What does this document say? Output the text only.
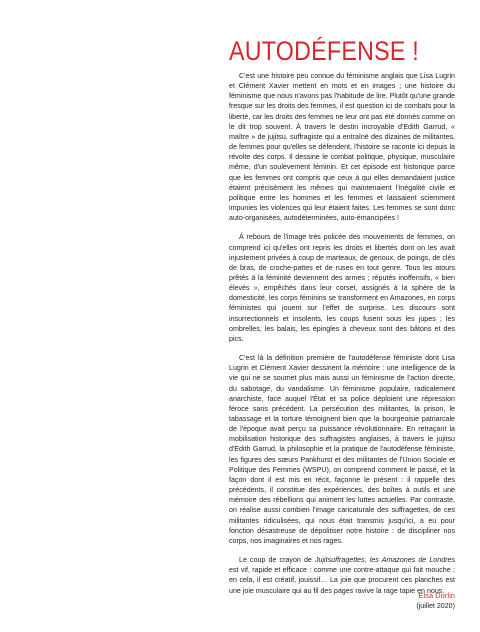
AUTODÉFENSE !

C'est une histoire peu connue du féminisme anglais que Lisa Lugrin et Clément Xavier mettent en mots et en images ; une histoire du féminisme que nous n'avons pas l'habitude de lire. Plutôt qu'une grande fresque sur les droits des femmes, il est question ici de combats pour la liberté, car les droits des femmes ne leur ont pas été donnés comme on le dit trop souvent. À travers le destin incroyable d'Edith Garrud, « maître » de jujitsu, suffragiste qui a entraîné des dizaines de militantes, de femmes pour qu'elles se défendent, l'histoire se raconte ici depuis la révolte des corps. Il dessine le combat politique, physique, musculaire même, d'un soulèvement féminin. Et cet épisode est historique parce que les femmes ont compris que ceux à qui elles demandaient justice étaient précisément les mêmes qui maintenaient l'inégalité civile et politique entre les hommes et les femmes et laissaient sciemment impunies les violences qui leur étaient faites. Les femmes se sont donc auto-organisées, autodéterminées, auto-émancipées !

À rebours de l'image très policée des mouvements de femmes, on comprend ici qu'elles ont repris les droits et libertés dont on les avait injustement privées à coup de marteaux, de genoux, de poings, de clés de bras, de croche-pattes et de ruses en tout genre. Tous les atours prêtés à la féminité deviennent des armes ; réputés inoffensifs, « bien élevés », empêchés dans leur corset, assignés à la sphère de la domesticité, les corps féminins se transforment en Amazones, en corps féministes qui jouent sur l'effet de surprise. Les discours sont insurrectionnels et insolents, les coups fusent sous les jupes ; les ombrelles, les balais, les épingles à cheveux sont des bâtons et des pics.

C'est là la définition première de l'autodéfense féministe dont Lisa Lugrin et Clément Xavier dessinent la mémoire : une intelligence de la vie qui ne se soumet plus mais aussi un féminisme de l'action directe, du sabotage, du vandalisme. Un féminisme populaire, radicalement anarchiste, face auquel l'État et sa police déploient une répression féroce sans précédent. La persécution des militantes, la prison, le tabassage et la torture témoignent bien que la bourgeoisie patriarcale de l'époque avait perçu sa puissance révolutionnaire. En retraçant la mobilisation historique des suffragistes anglaises, à travers le jujitsu d'Edith Garrud, la philosophie et la pratique de l'autodéfense féministe, les figures des sœurs Pankhurst et des militantes de l'Union Sociale et Politique des Femmes (WSPU), on comprend comment le passé, et la façon dont il est mis en récit, façonne le présent : il rappelle des précédents, il constitue des expériences, des boîtes à outils et une mémoire des rébellions qui animent les luttes actuelles. Par contraste, on réalise aussi combien l'image caricaturale des suffragettes, de ces militantes ridiculisées, qui nous était transmis jusqu'ici, a eu pour fonction désastreuse de dépolitiser notre histoire : de discipliner nos corps, nos imaginaires et nos rages.

Le coup de crayon de Jujitsuffragettes, les Amazones de Londres est vif, rapide et efficace : comme une contre-attaque qui fait mouche ; en cela, il est créatif, jouissif… La joie que procurent ces planches est une joie musculaire qui au fil des pages ravive la rage tapie en nous.

Elsa Dorlin
(juillet 2020)
